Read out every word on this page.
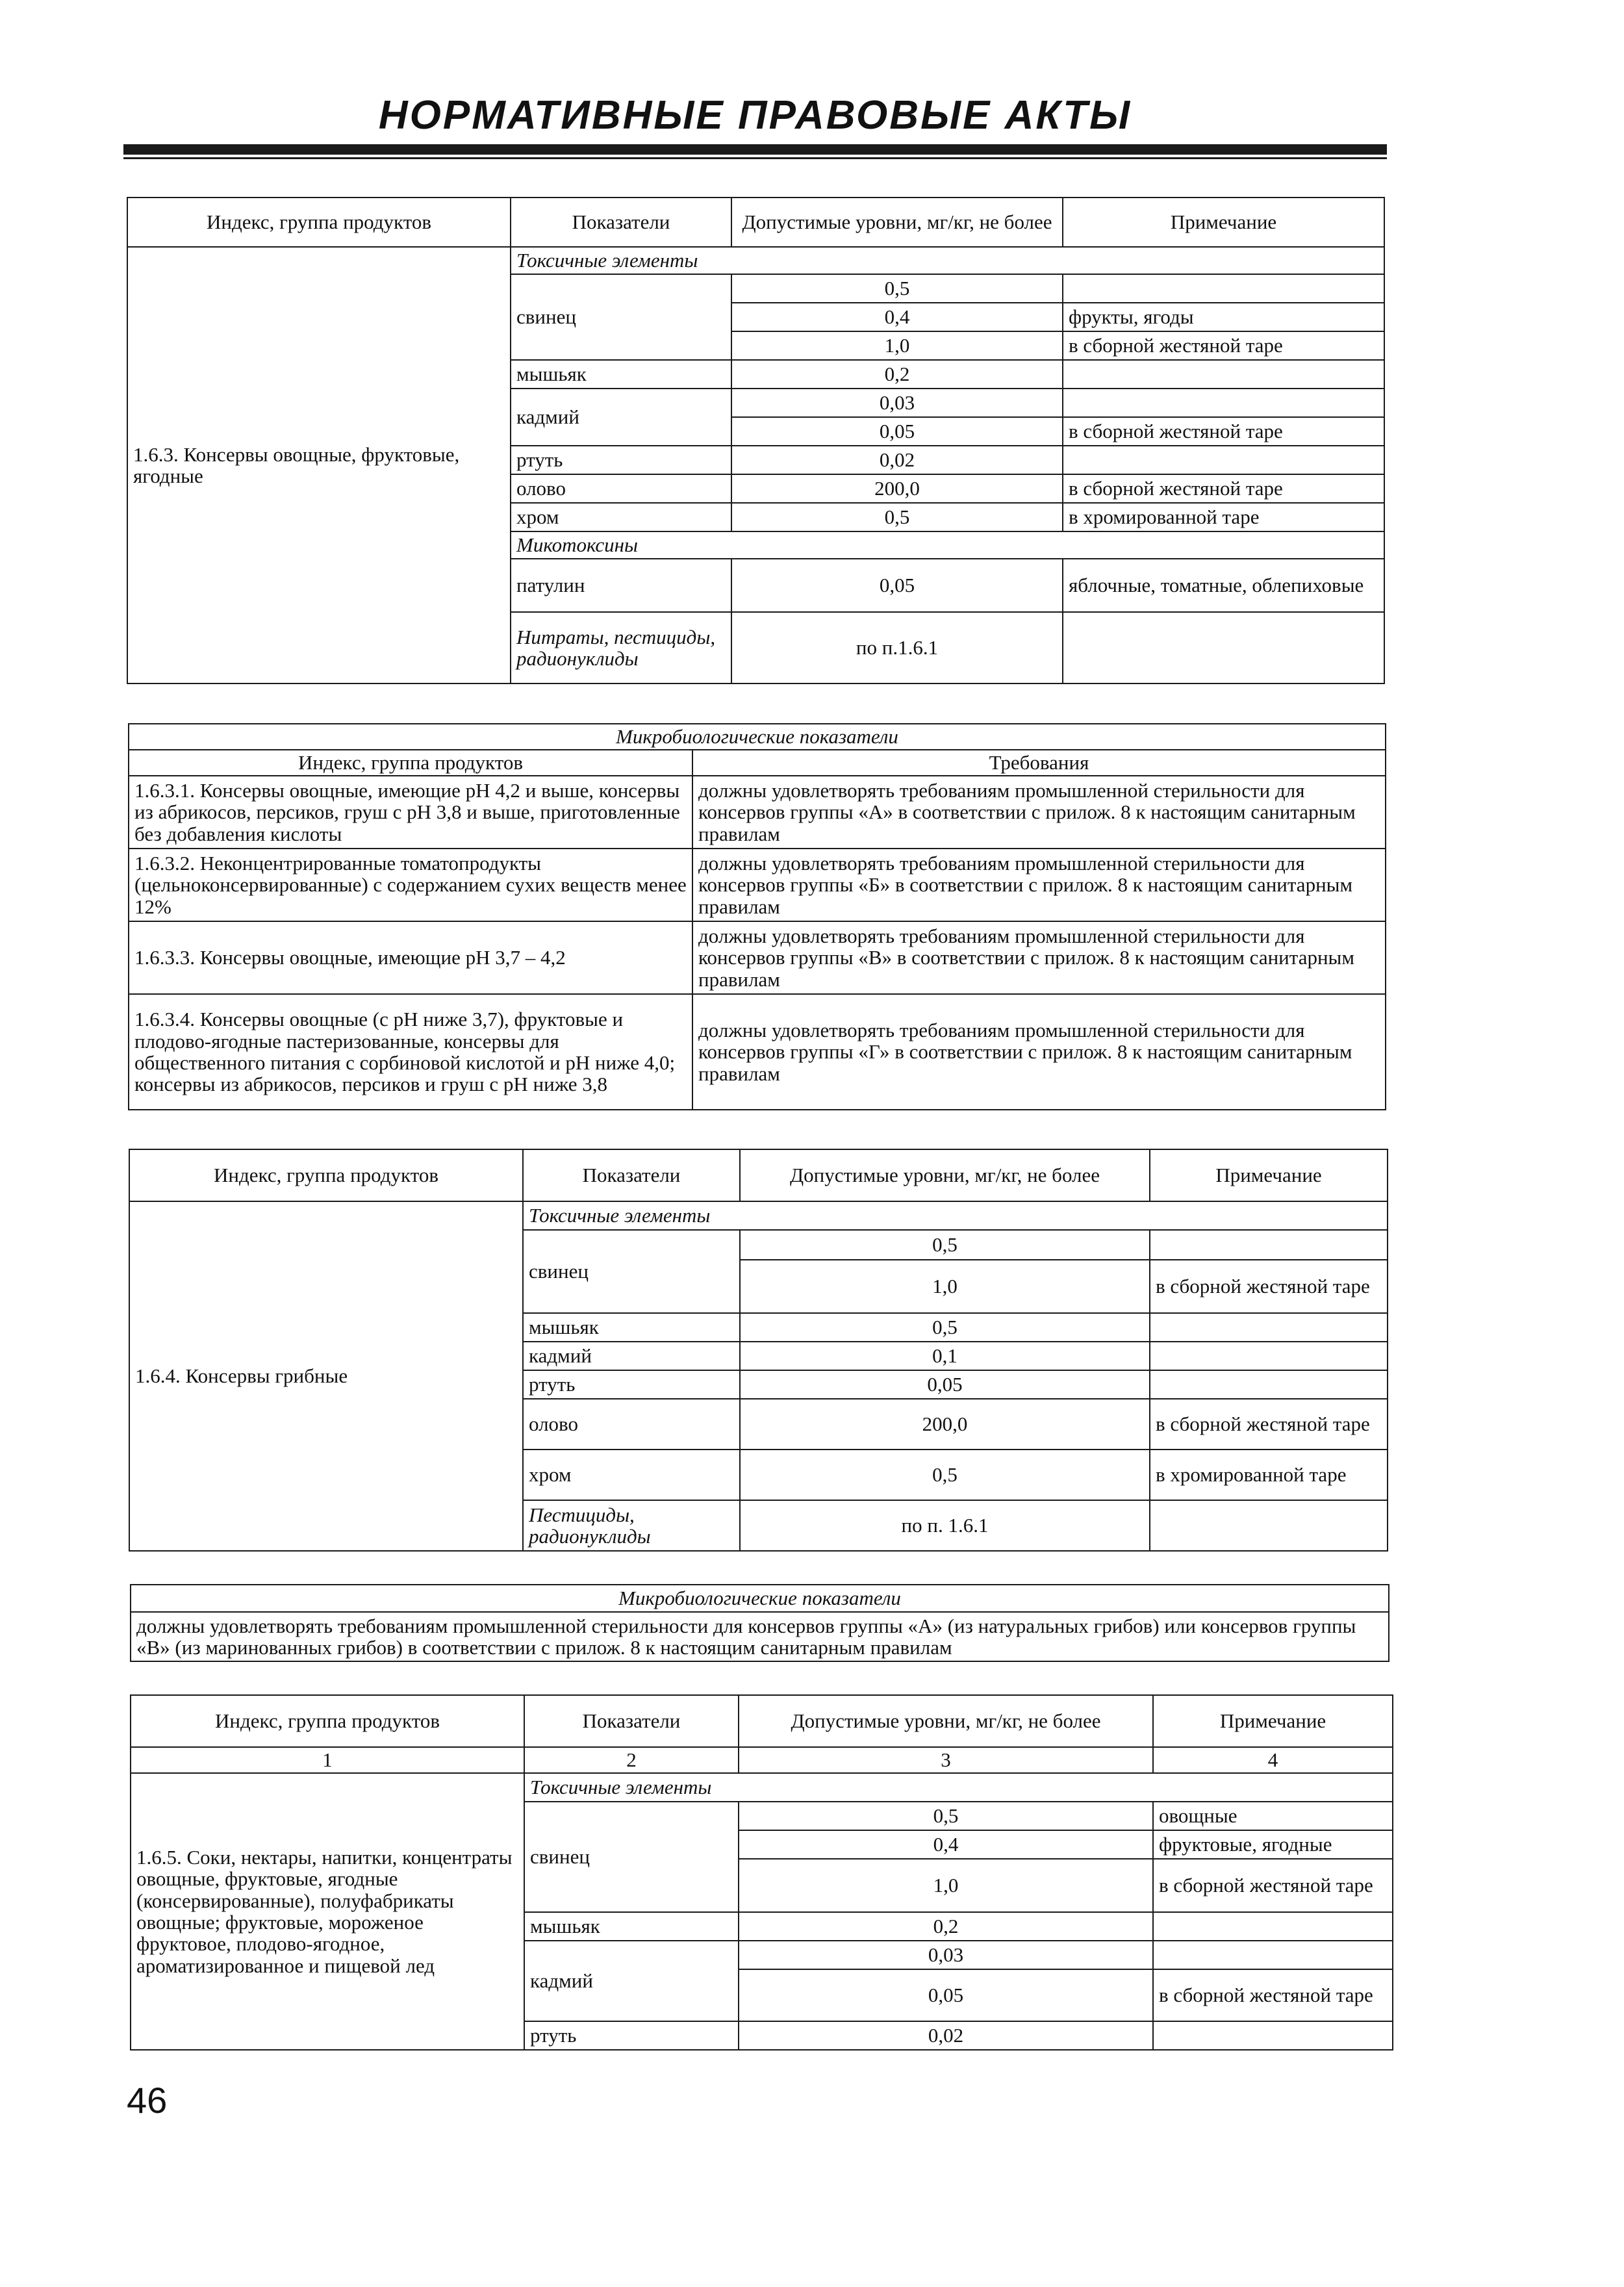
НОРМАТИВНЫЕ ПРАВОВЫЕ АКТЫ
Индекс, группа продуктов	Показатели	Допустимые уровни, мг/кг, не более	Примечание
1.6.3. Консервы овощные, фруктовые, ягодные	Токсичные элементы		
	свинец	0,5	
		0,4	фрукты, ягоды
		1,0	в сборной жестяной таре
	мышьяк	0,2	
	кадмий	0,03	
		0,05	в сборной жестяной таре
	ртуть	0,02	
	олово	200,0	в сборной жестяной таре
	хром	0,5	в хромированной таре
	Микотоксины		
	патулин	0,05	яблочные, томатные, облепиховые
	Нитраты, пестициды, радионуклиды	по п.1.6.1	
Микробиологические показатели	
Индекс, группа продуктов	Требования
1.6.3.1. Консервы овощные, имеющие pH 4,2 и выше, консервы из абрикосов, персиков, груш с pH 3,8 и выше, приготовленные без добавления кислоты	должны удовлетворять требованиям промышленной стерильности для консервов группы «А» в соответствии с прилож. 8 к настоящим санитарным правилам
1.6.3.2. Неконцентрированные томатопродукты (цельноконсервированные) с содержанием сухих веществ менее 12%	должны удовлетворять требованиям промышленной стерильности для консервов группы «Б» в соответствии с прилож. 8 к настоящим санитарным правилам
1.6.3.3. Консервы овощные, имеющие pH 3,7 – 4,2	должны удовлетворять требованиям промышленной стерильности для консервов группы «В» в соответствии с прилож. 8 к настоящим санитарным правилам
1.6.3.4. Консервы овощные (с pH ниже 3,7), фруктовые и плодово-ягодные пастеризованные, консервы для общественного питания с сорбиновой кислотой и pH ниже 4,0; консервы из абрикосов, персиков и груш с pH ниже 3,8	должны удовлетворять требованиям промышленной стерильности для консервов группы «Г» в соответствии с прилож. 8 к настоящим санитарным правилам
Индекс, группа продуктов	Показатели	Допустимые уровни, мг/кг, не более	Примечание
1.6.4. Консервы грибные	Токсичные элементы		
	свинец	0,5	
		1,0	в сборной жестяной таре
	мышьяк	0,5	
	кадмий	0,1	
	ртуть	0,05	
	олово	200,0	в сборной жестяной таре
	хром	0,5	в хромированной таре
	Пестициды, радионуклиды	по п. 1.6.1	
Микробиологические показатели
должны удовлетворять требованиям промышленной стерильности для консервов группы «А» (из натуральных грибов) или консервов группы «В» (из маринованных грибов) в соответствии с прилож. 8 к настоящим санитарным правилам
Индекс, группа продуктов	Показатели	Допустимые уровни, мг/кг, не более	Примечание
1	2	3	4
1.6.5. Соки, нектары, напитки, концентраты овощные, фруктовые, ягодные (консервированные), полуфабрикаты овощные; фруктовые, мороженое фруктовое, плодово-ягодное, ароматизированное и пищевой лед	Токсичные элементы		
	свинец	0,5	овощные
		0,4	фруктовые, ягодные
		1,0	в сборной жестяной таре
	мышьяк	0,2	
	кадмий	0,03	
		0,05	в сборной жестяной таре
	ртуть	0,02	
46
